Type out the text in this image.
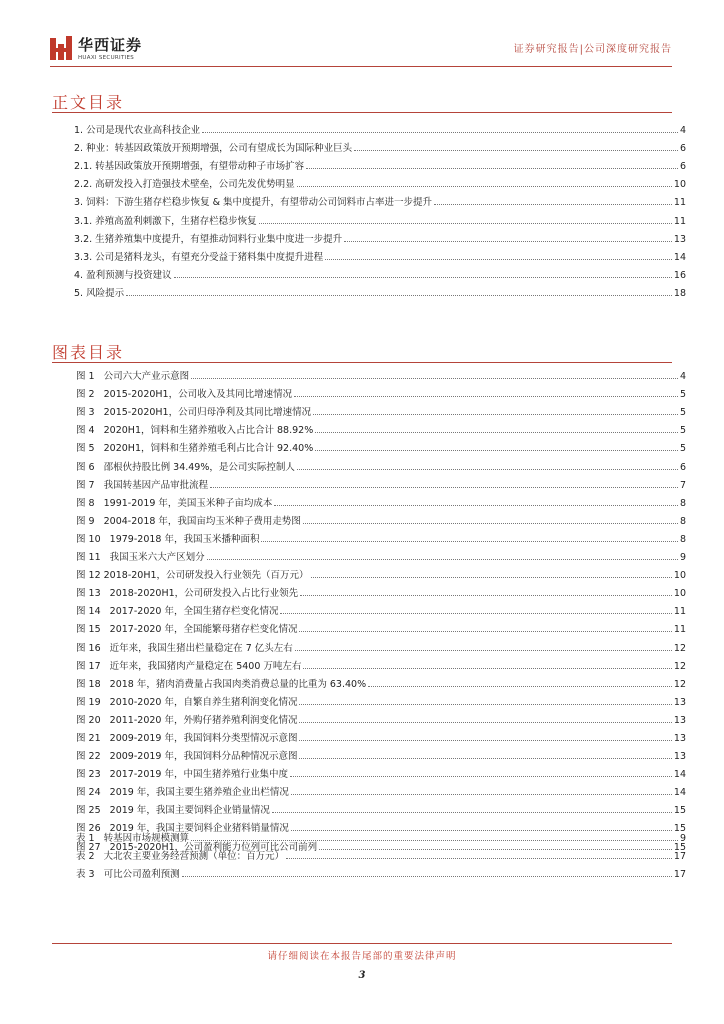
华西证券
HUAXI SECURITIES
证券研究报告|公司深度研究报告
正文目录
1. 公司是现代农业高科技企业	4
2. 种业：转基因政策放开预期增强，公司有望成长为国际种业巨头	6
2.1. 转基因政策放开预期增强，有望带动种子市场扩容	6
2.2. 高研发投入打造强技术壁垒，公司先发优势明显	10
3. 饲料：下游生猪存栏稳步恢复 & 集中度提升，有望带动公司饲料市占率进一步提升	11
3.1. 养殖高盈利刺激下，生猪存栏稳步恢复	11
3.2. 生猪养殖集中度提升，有望推动饲料行业集中度进一步提升	13
3.3. 公司是猪料龙头，有望充分受益于猪料集中度提升进程	14
4. 盈利预测与投资建议	16
5. 风险提示	18
图表目录
图 1 公司六大产业示意图	4
图 2 2015-2020H1，公司收入及其同比增速情况	5
图 3 2015-2020H1，公司归母净利及其同比增速情况	5
图 4 2020H1，饲料和生猪养殖收入占比合计 88.92%	5
图 5 2020H1，饲料和生猪养殖毛利占比合计 92.40%	5
图 6 邵根伙持股比例 34.49%，是公司实际控制人	6
图 7 我国转基因产品审批流程	7
图 8 1991-2019 年，美国玉米种子亩均成本	8
图 9 2004-2018 年，我国亩均玉米种子费用走势图	8
图 10 1979-2018 年，我国玉米播种面积	8
图 11 我国玉米六大产区划分	9
图 12 2018-20H1，公司研发投入行业领先（百万元）	10
图 13 2018-2020H1，公司研发投入占比行业领先	10
图 14 2017-2020 年，全国生猪存栏变化情况	11
图 15 2017-2020 年，全国能繁母猪存栏变化情况	11
图 16 近年来，我国生猪出栏量稳定在 7 亿头左右	12
图 17 近年来，我国猪肉产量稳定在 5400 万吨左右	12
图 18 2018 年，猪肉消费量占我国肉类消费总量的比重为 63.40%	12
图 19 2010-2020 年，自繁自养生猪利润变化情况	13
图 20 2011-2020 年，外购仔猪养殖利润变化情况	13
图 21 2009-2019 年，我国饲料分类型情况示意图	13
图 22 2009-2019 年，我国饲料分品种情况示意图	13
图 23 2017-2019 年，中国生猪养殖行业集中度	14
图 24 2019 年，我国主要生猪养殖企业出栏情况	14
图 25 2019 年，我国主要饲料企业销量情况	15
图 26 2019 年，我国主要饲料企业猪料销量情况	15
图 27 2015-2020H1，公司盈利能力位列可比公司前列	15
表 1 转基因市场规模测算	9
表 2 大北农主要业务经营预测（单位：百万元）	17
表 3 可比公司盈利预测	17
请仔细阅读在本报告尾部的重要法律声明
3
